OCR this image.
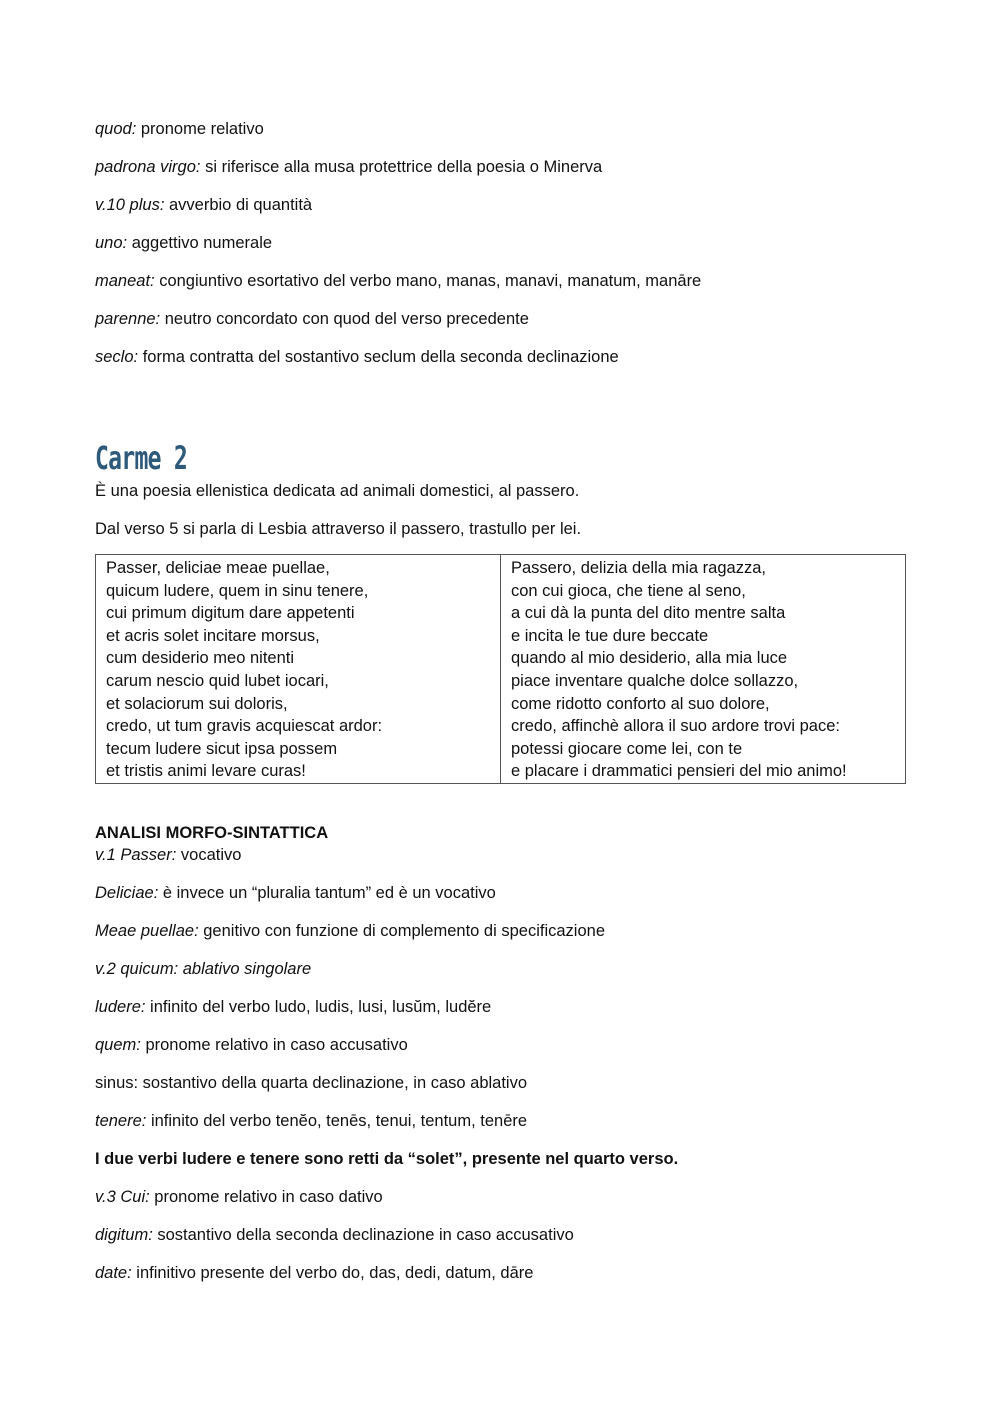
quod: pronome relativo

padrona virgo: si riferisce alla musa protettrice della poesia o Minerva

v.10 plus: avverbio di quantità

uno: aggettivo numerale

maneat: congiuntivo esortativo del verbo mano, manas, manavi, manatum, manāre

parenne: neutro concordato con quod del verso precedente

seclo: forma contratta del sostantivo seclum della seconda declinazione

Carme 2

È una poesia ellenistica dedicata ad animali domestici, al passero.

Dal verso 5 si parla di Lesbia attraverso il passero, trastullo per lei.

Passer, deliciae meae puellae,
quicum ludere, quem in sinu tenere,
cui primum digitum dare appetenti
et acris solet incitare morsus,
cum desiderio meo nitenti
carum nescio quid lubet iocari,
et solaciorum sui doloris,
credo, ut tum gravis acquiescat ardor:
tecum ludere sicut ipsa possem
et tristis animi levare curas!

Passero, delizia della mia ragazza,
con cui gioca, che tiene al seno,
a cui dà la punta del dito mentre salta
e incita le tue dure beccate
quando al mio desiderio, alla mia luce
piace inventare qualche dolce sollazzo,
come ridotto conforto al suo dolore,
credo, affinchè allora il suo ardore trovi pace:
potessi giocare come lei, con te
e placare i drammatici pensieri del mio animo!

ANALISI MORFO-SINTATTICA

v.1 Passer: vocativo

Deliciae: è invece un “pluralia tantum” ed è un vocativo

Meae puellae: genitivo con funzione di complemento di specificazione

v.2 quicum: ablativo singolare

ludere: infinito del verbo ludo, ludis, lusi, lusŭm, ludĕre

quem: pronome relativo in caso accusativo

sinus: sostantivo della quarta declinazione, in caso ablativo

tenere: infinito del verbo tenĕo, tenēs, tenui, tentum, tenēre

I due verbi ludere e tenere sono retti da “solet”, presente nel quarto verso.

v.3 Cui: pronome relativo in caso dativo

digitum: sostantivo della seconda declinazione in caso accusativo

date: infinitivo presente del verbo do, das, dedi, datum, dāre
